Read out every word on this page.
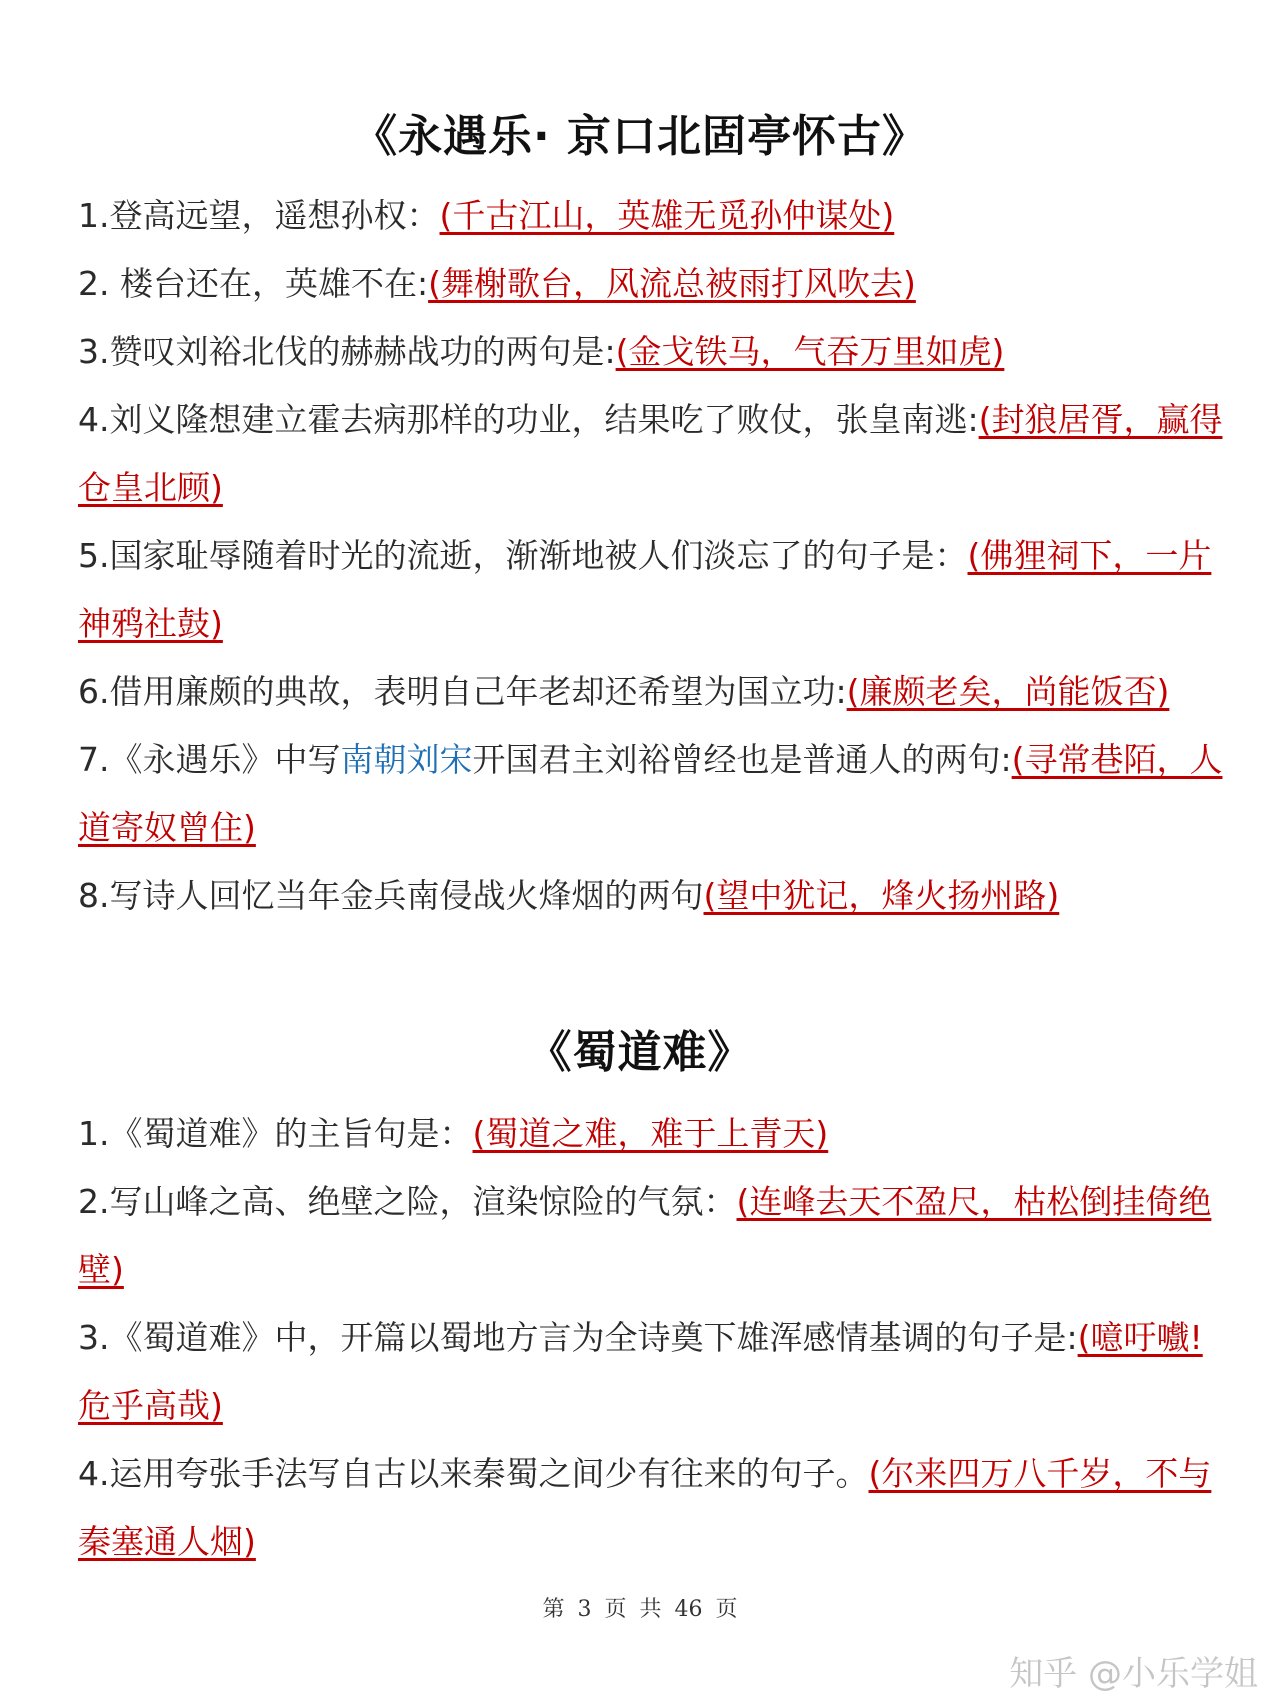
《永遇乐· 京口北固亭怀古》

1.登高远望，遥想孙权：(千古江山，英雄无觅孙仲谋处)

2. 楼台还在，英雄不在:(舞榭歌台，风流总被雨打风吹去)

3.赞叹刘裕北伐的赫赫战功的两句是:(金戈铁马，气吞万里如虎)

4.刘义隆想建立霍去病那样的功业，结果吃了败仗，张皇南逃:(封狼居胥，赢得仓皇北顾)

5.国家耻辱随着时光的流逝，渐渐地被人们淡忘了的句子是：(佛狸祠下，一片神鸦社鼓)

6.借用廉颇的典故，表明自己年老却还希望为国立功:(廉颇老矣，尚能饭否)

7.《永遇乐》中写南朝刘宋开国君主刘裕曾经也是普通人的两句:(寻常巷陌，人道寄奴曾住)

8.写诗人回忆当年金兵南侵战火烽烟的两句(望中犹记，烽火扬州路)

《蜀道难》

1.《蜀道难》的主旨句是：(蜀道之难，难于上青天)

2.写山峰之高、绝壁之险，渲染惊险的气氛：(连峰去天不盈尺，枯松倒挂倚绝壁)

3.《蜀道难》中，开篇以蜀地方言为全诗奠下雄浑感情基调的句子是:(噫吁嚱!危乎高哉)

4.运用夸张手法写自古以来秦蜀之间少有往来的句子。(尔来四万八千岁，不与秦塞通人烟)

第 3 页 共 46 页
知乎 @小乐学姐
